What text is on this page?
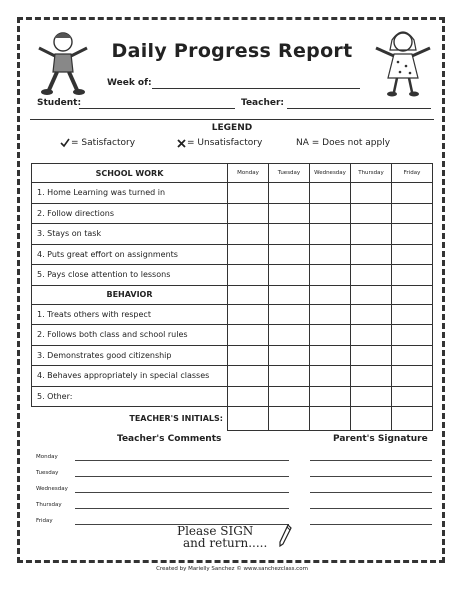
Daily Progress Report
Week of:
Student:	Teacher:
LEGEND
= Satisfactory	= Unsatisfactory	NA = Does not apply
SCHOOL WORK	Monday	Tuesday	Wednesday	Thursday	Friday
1. Home Learning was turned in					
2. Follow directions					
3. Stays on task					
4. Puts great effort on assignments					
5. Pays close attention to lessons					
BEHAVIOR					
1. Treats others with respect					
2. Follows both class and school rules					
3. Demonstrates good citizenship					
4. Behaves appropriately in special classes					
5. Other:					
TEACHER'S INITIALS:					
Teacher's Comments	Parent's Signature
Monday
Tuesday
Wednesday
Thursday
Friday
Please SIGN
and return.....
Created by Marielly Sanchez © www.sanchezclass.com
